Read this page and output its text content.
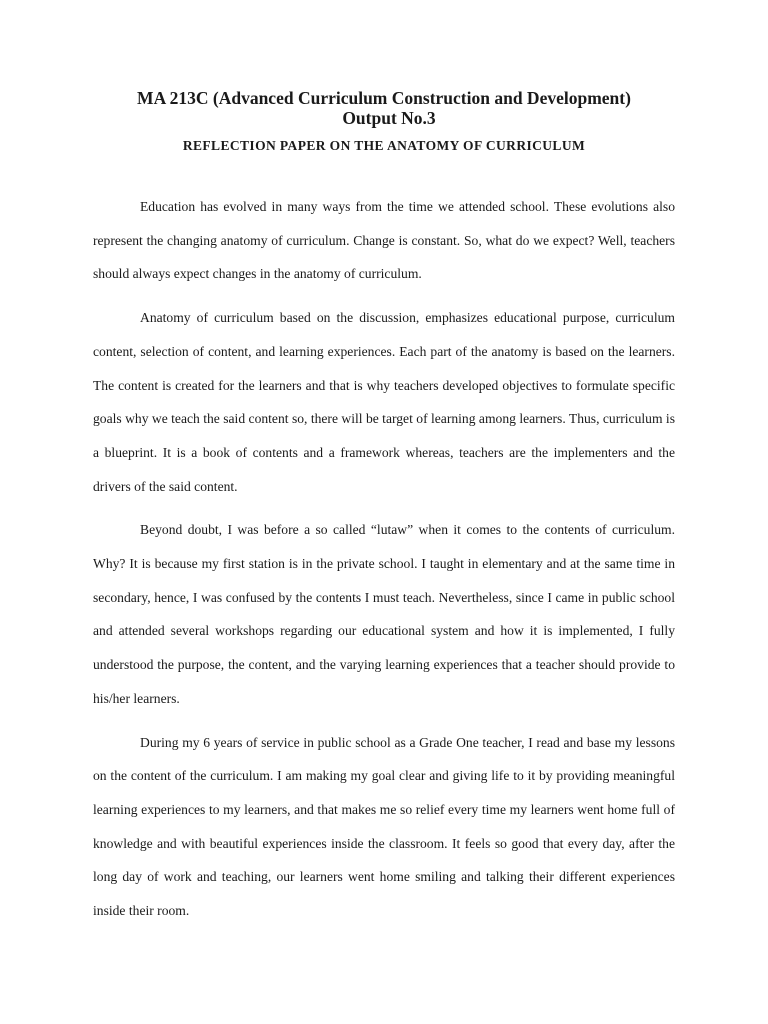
MA 213C (Advanced Curriculum Construction and Development)
Output No.3
REFLECTION PAPER ON THE ANATOMY OF CURRICULUM

Education has evolved in many ways from the time we attended school. These evolutions also represent the changing anatomy of curriculum. Change is constant. So, what do we expect? Well, teachers should always expect changes in the anatomy of curriculum.

Anatomy of curriculum based on the discussion, emphasizes educational purpose, curriculum content, selection of content, and learning experiences. Each part of the anatomy is based on the learners. The content is created for the learners and that is why teachers developed objectives to formulate specific goals why we teach the said content so, there will be target of learning among learners. Thus, curriculum is a blueprint. It is a book of contents and a framework whereas, teachers are the implementers and the drivers of the said content.

Beyond doubt, I was before a so called “lutaw” when it comes to the contents of curriculum. Why? It is because my first station is in the private school. I taught in elementary and at the same time in secondary, hence, I was confused by the contents I must teach. Nevertheless, since I came in public school and attended several workshops regarding our educational system and how it is implemented, I fully understood the purpose, the content, and the varying learning experiences that a teacher should provide to his/her learners.

During my 6 years of service in public school as a Grade One teacher, I read and base my lessons on the content of the curriculum. I am making my goal clear and giving life to it by providing meaningful learning experiences to my learners, and that makes me so relief every time my learners went home full of knowledge and with beautiful experiences inside the classroom. It feels so good that every day, after the long day of work and teaching, our learners went home smiling and talking their different experiences inside their room.
